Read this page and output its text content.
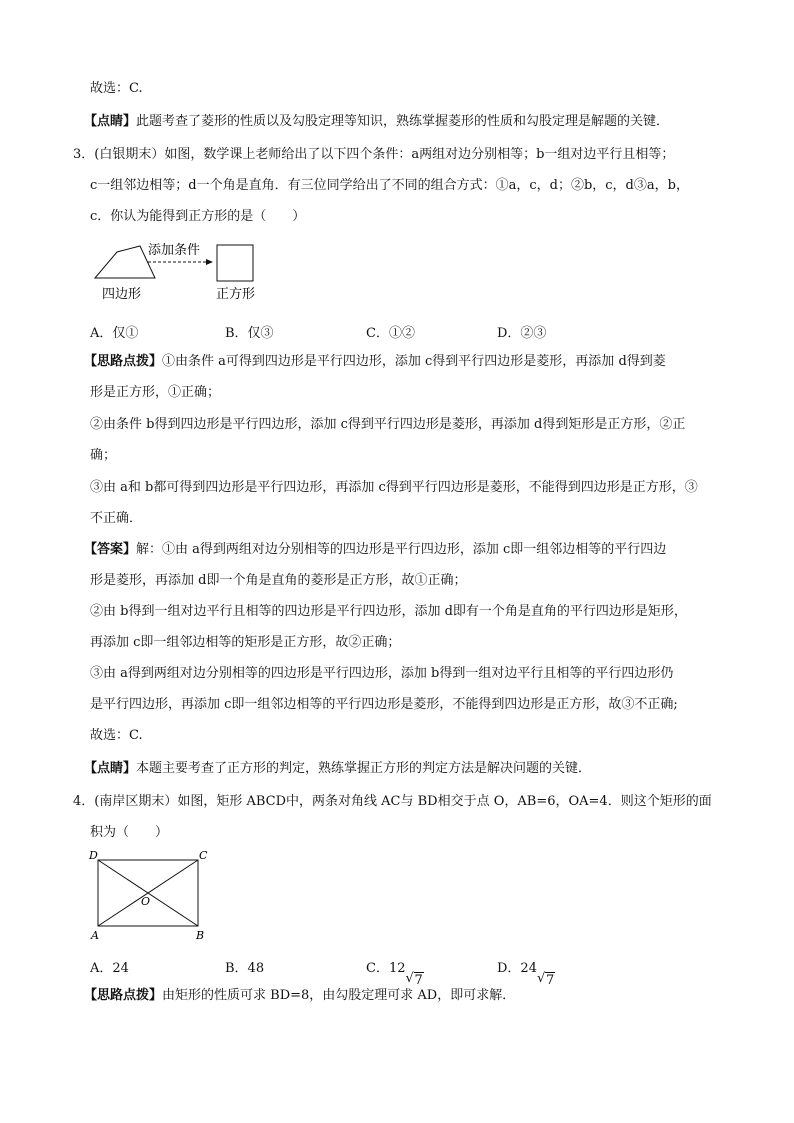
故选：C.
【点睛】此题考查了菱形的性质以及勾股定理等知识，熟练掌握菱形的性质和勾股定理是解题的关键．
3．(白银期末）如图，数学课上老师给出了以下四个条件：a两组对边分别相等；b一组对边平行且相等；
c一组邻边相等；d一个角是直角．有三位同学给出了不同的组合方式：①a，c，d；②b，c，d③a，b，
c．你认为能得到正方形的是（　　）
添加条件
四边形	正方形
A．仅①	B．仅③	C．①②	D．②③
【思路点拨】①由条件 a可得到四边形是平行四边形，添加 c得到平行四边形是菱形，再添加 d得到菱
形是正方形，①正确；
②由条件 b得到四边形是平行四边形，添加 c得到平行四边形是菱形，再添加 d得到矩形是正方形，②正
确；
③由 a和 b都可得到四边形是平行四边形，再添加 c得到平行四边形是菱形，不能得到四边形是正方形，③
不正确．
【答案】解：①由 a得到两组对边分别相等的四边形是平行四边形，添加 c即一组邻边相等的平行四边
形是菱形，再添加 d即一个角是直角的菱形是正方形，故①正确；
②由 b得到一组对边平行且相等的四边形是平行四边形，添加 d即有一个角是直角的平行四边形是矩形，
再添加 c即一组邻边相等的矩形是正方形，故②正确；
③由 a得到两组对边分别相等的四边形是平行四边形，添加 b得到一组对边平行且相等的平行四边形仍
是平行四边形，再添加 c即一组邻边相等的平行四边形是菱形，不能得到四边形是正方形，故③不正确;
故选：C.
【点睛】本题主要考查了正方形的判定，熟练掌握正方形的判定方法是解决问题的关键．
4．(南岸区期末）如图，矩形 ABCD中，两条对角线 AC与 BD相交于点 O，AB=6，OA=4．则这个矩形的面
积为（　　）
D	C
O
A	B
A．24	B．48	C．12
7
D．24
7
【思路点拨】由矩形的性质可求 BD=8，由勾股定理可求 AD，即可求解．
